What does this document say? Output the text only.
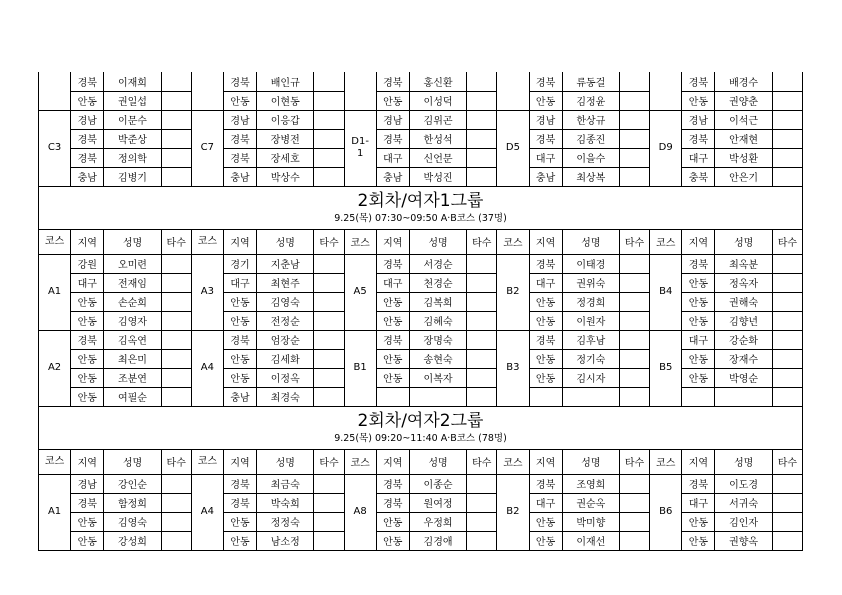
	경북	이재희			경북	배인규			경북	홍신환			경북	류동걸			경북	배경수	
	안동	권일섭			안동	이현동			안동	이성덕			안동	김정윤			안동	권양춘	
C3	경남	이문수		C7	경남	이응갑		D1-1	경남	김위곤		D5	경남	한상규		D9	경남	이석근	
	경북	박준상			경북	장병전			경북	한성석			경북	김종진			경북	안재현	
	경북	정의학			경북	장세호			대구	신언문			대구	이을수			대구	박성환	
	충남	김병기			충남	박상수			충남	박성진			충남	최상복			충북	안은기	
2회차/여자1그룹
9.25(목) 07:30~09:50 A·B코스 (37명)
코스	지역	성명	타수	코스	지역	성명	타수	코스	지역	성명	타수	코스	지역	성명	타수	코스	지역	성명	타수
A1	강원	오미련		A3	경기	지춘남		A5	경북	서경순		B2	경북	이태경		B4	경북	최옥분	
	대구	전재임			대구	최현주			대구	천경순			대구	권위숙			안동	정옥자	
	안동	손순희			안동	김영숙			안동	김복희			안동	정경희			안동	권해숙	
	안동	김영자			안동	전정순			안동	김혜숙			안동	이원자			안동	김향년	
A2	경북	김옥연		A4	경북	엄장순		B1	경북	장명숙		B3	경북	김후남		B5	대구	강순화	
	안동	최은미			안동	김세화			안동	송현숙			안동	정기숙			안동	장재수	
	안동	조분연			안동	이정옥			안동	이복자			안동	김시자			안동	박영순	
	안동	여필순			충남	최경숙													
2회차/여자2그룹
9.25(목) 09:20~11:40 A·B코스 (78명)
코스	지역	성명	타수	코스	지역	성명	타수	코스	지역	성명	타수	코스	지역	성명	타수	코스	지역	성명	타수
A1	경남	강인순		A4	경북	최금숙		A8	경북	이종순		B2	경북	조영희		B6	경북	이도경	
	경북	함정희			경북	박숙희			경북	원여정			대구	권순옥			대구	서귀숙	
	안동	김영숙			안동	정정숙			안동	우정희			안동	박미향			안동	김인자	
	안동	강성희			안동	남소정			안동	김경애			안동	이재선			안동	권향옥	
